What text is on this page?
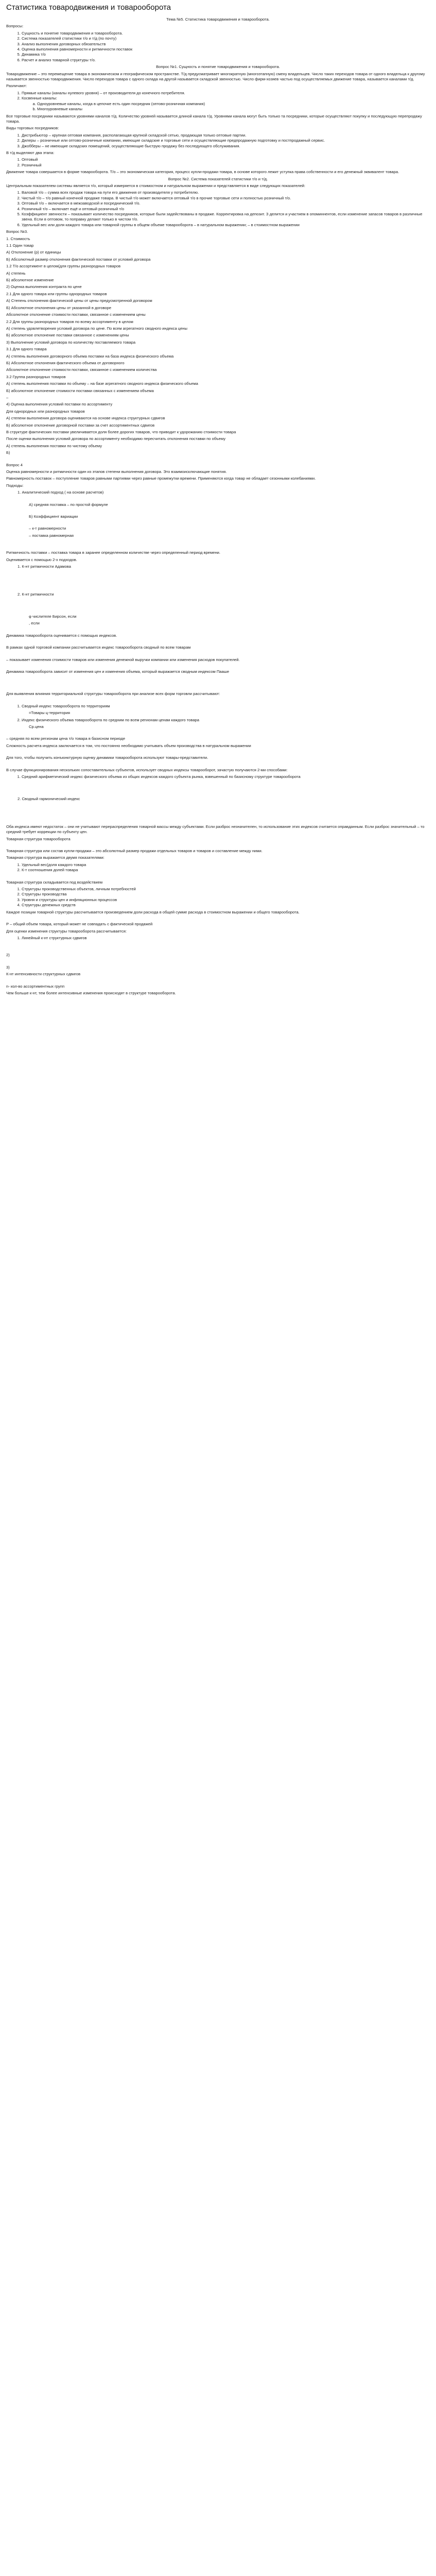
Статистика товародвижения и товарооборота
Тема №5. Статистика товародвижения и товарооборота.
Вопросы:
1. Сущность и понятие товародвижения и товарооборота.
2. Система показателей статистики т/о и т/д (по почту)
3. Анализ выполнения договорных обязательств
4. Оценка выполнения равномерности и ритмичности поставок
5. Динамика т/о
6. Расчет и анализ товарной структуры т/о.
Вопрос №1. Сущность и понятие товародвижения и товарооборота.
Товародвижение – это перемещение товара в экономическом и географическом пространстве. Т/д предусматривает многократную (многоэтапную) смену владельцев. Число таких переходов товара от одного владельца к другому называется звенностью товародвижения. Число переходов товара с одного склада на другой называется складской звенностью. Число фирм-хозяев частью под осуществляемых движение товара, называется каналами т/д.
Различают:
1. Прямые каналы (каналы нулевого уровня) – от производителя до конечного потребителя.
2. Косвенные каналы:
a. Одноуровневые каналы, когда в цепочке есть один посредник (оптово-розничная компания)
b. Многоуровневые каналы
Все торговые посредники называются уровнями каналов т/д. Количество уровней называется длиной канала т/д. Уровнями канала могут быть только та посредники, которые осуществляют покупку и последующую перепродажу товара.
Виды торговых посредников:
1. Дистрибьютор – крупная оптовая компания, располагающая крупной складской сетью, продающая только оптовые партии.
2. Дилеры – розничные или оптово-розничные компании, имеющие складские и торговые сети и осуществляющие предпродажную подготовку и постпродажный сервис.
3. Джобберы – не имеющие складских помещений, осуществляющие быструю продажу без последующего обслуживания.
В т/д выделяют два этапа:
1. Оптовый
2. Розничный
Движение товара совершается в форме товарооборота. Т/о – это экономическая категория, процесс купли-продажи товара, в основе которого лежит уступка права собственности и его денежный эквивалент товара.
Вопрос №2. Система показателей статистики т/о и т/д.
Центральным показателем системы является т/о, который измеряется в стоимостном и натуральном выражении и представляется в виде следующих показателей:
1. Валовой т/о – сумма всех продаж товара на пути его движения от производителя у потребителю.
2. Чистый т/о – т/о равный конечной продаже товара. В чистый т/о может включается оптовый т/о в прочие торговые сети и полностью розничный т/о.
3. Оптовый т/о – включается в межзаводской и посреднический т/о.
4. Розничный т/о – включает ещё и оптовый розничный т/о
5. Коэффициент звенности – показывает количество посредников, которые были задействованы в продаже. Корректировка на депозит. З делится и участием в опоминнентов, если изменение запасов товаров в различные звена. Если в оптовом, то поправку делают только в чистом т/о.
6. Удельный вес или доля каждого товара или товарной группы в общем объеме товарооборота – в натуральном выражении; – в стоимостном выражении
Вопрос №3.
1. Стоимость
1.1 Один товар
А) Отклонение (p) от единицы
Б) Абсолютный размер отклонения фактической поставки от условий договора
1.2 Т/о ассортимент в целом(для группы разнородных товаров
А) степень
Б) абсолютное изменение
2) Оценка выполнения контракта по цене
2.1 Для одного товара или группы однородных товаров
А) Степень отклонения фактической цены от цены предусмотренной договором
Б) Абсолютное отклонения цены от указанной в договоре
Абсолютное отклонение стоимости поставки, связанное с изменением цены
2.2 Для группы разнородных товаров по всему ассортименту в целом
А) степень удовлетворения условий договора по цене. По всем агрегатного сводного индекса цены
Б) абсолютное отклонение поставки связанное с изменениям цены
3) Выполнение условий договора по количеству поставляемого товара
3.1 Для одного товара
А) степень выполнения договорного объема поставки на база индекса физического объема
Б) Абсолютное отклонения фактического объема от договорного
Абсолютное отклонение стоимости поставки, связанное с изменением количества
3.2 Группа разнородных товаров
А) степень выполнения поставки по объему – на базе агрегатного сводного индекса физического объема
Б) абсолютное отклонение стоимости поставки связанных с изменением объема
–
4) Оценка выполнения условий поставки по ассортименту
Для однородных или разнородных товаров
А) степени выполнения договора оцениваются на основе индекса структурных сдвигов
Б) абсолютное отклонение договорной поставки за счет ассортиментных сдвигов
В структуре фактических поставки увеличивается доля более дорогих товаров, что приводит к удорожанию стоимости товара
После оценки выполнения условий договора по ассортименту необходимо пересчитать отклонения поставки по объему
А) степень выполнения поставки по чистому объему
Б)
Вопрос 4
Оценка равномерности и ритмичности один из этапов степени выполнения договора. Это взаимоисключающие понятия.
Равномерность поставок – поступление товаров равными партиями через равные промежутки времени. Применяются когда товар не обладает сезонными колебаниями.
Подходы:
1. Аналитический подход ( на основе расчетов)
А) средняя поставка – по простой формуле
Б) Коэффициент вариации
– к-т равномерности
– поставка равномерная
Ритмичность поставки – поставка товара в заранее определенном количестве через определенный период времени.
Оценивается с помощью 2-х подходов.
1. К-нт ритмичности Адамова
2. К-нт ритмичности
φ числителе Бирсон, если
, если
Динамика товарооборота оценивается с помощью индексов.
В рамках одной торговой компании рассчитывается индекс товарооборота сводный по всем товарам
– показывает изменения стоимости товаров или изменения денежной выручки компании или изменения расходов покупателей.
Динамика товарооборота зависит от изменения цен и изменения объема, который выражается сводным индексом Пааше
Для выявления влияния территориальной структуры товарооборота при анализе всех форм торговли рассчитывают:
1. Сводный индекс товарооборота по территориям
=Товары ц-территория
2. Индекс физического объема товарооборота по средним по всем регионам ценам каждого товара
Ср.цена
– средняя по всем регионам цена т/о товара в базисном периоде
Сложность расчета индекса заключается в том, что постоянно необходимо учитывать объем производства в натуральном выражении
Для того, чтобы получить конъюнктурную оценку динамики товарооборота используют товары-представители.
В случае функционирования нескольких сопоставительных субъектов, использует сводных индексы товарооборот, зачастую получаются 2-ми способами:
1. Средний арифметический индекс физического объема из общих индексов каждого субъекта рынка, взвешенный по базисному структуре товарооборота
2. Сводный гармонический индекс
Оба индекса имеют недостаток – они не учитывают перераспределения товарной массы между субъектами. Если разброс незначителен, то использование этих индексов считается оправданным. Если разброс значительный – то средний требует коррекции по субъекту цен.
Товарная структура товарооборота
Товарная структура или состав купли-продажи – это абсолютный размер продажи отдельных товаров и товаров и составление между ними.
Товарная структура выражается двумя показателями:
1. Удельный вес(доля каждого товара
2. К-т соотношения долей товара
Товарная структура складывается под воздействием
1. Структуры производственных объектов, личным потребностей
2. Структуры производства
3. Уровня и структуры цен и инфляционных процессов
4. Структуры денежных средств
Каждое позиции товарной структуры рассчитывается произведением доли расхода в общей сумме расхода в стоимостном выражении и общего товарооборота.
Р – общий объем товара, который может не совпадать с фактической продажей
Для оценки изменения структуры товарооборота рассчитывается:
1. Линейный к-нт структурных сдвигов
2)
3)
К-нт интенсивности структурных сдвигов
n- кол-во ассортиментных групп
Чем больше к-нт, тем более интенсивные изменения происходят в структуре товарооборота.
